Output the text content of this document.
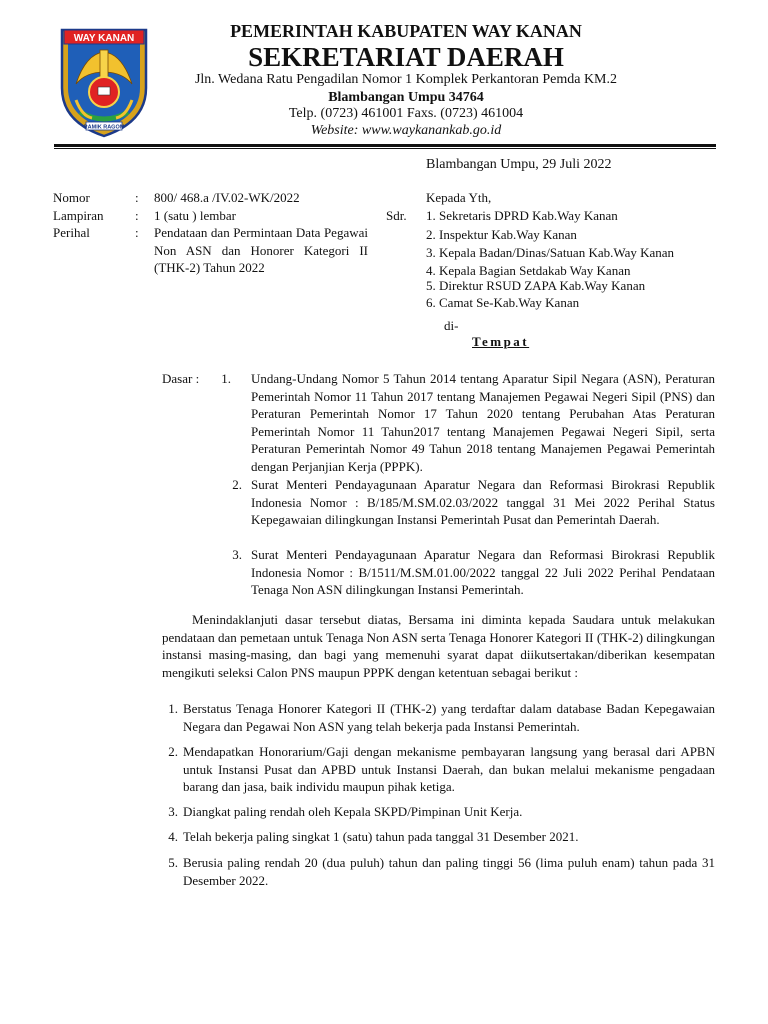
WAY KANAN
RAMIK RAGOM
PEMERINTAH KABUPATEN WAY KANAN
SEKRETARIAT DAERAH
Jln. Wedana Ratu Pengadilan Nomor 1 Komplek Perkantoran Pemda KM.2
Blambangan Umpu 34764
Telp. (0723) 461001 Faxs. (0723) 461004
Website: www.waykanankab.go.id
Blambangan Umpu, 29 Juli 2022
Nomor	: 800/ 468.a /IV.02-WK/2022
Lampiran : 1 (satu ) lembar
Perihal	: Pendataan dan Permintaan Data Pegawai Non ASN dan Honorer Kategori II (THK-2) Tahun 2022
Kepada Yth,
Sdr. 1. Sekretaris DPRD Kab.Way Kanan
2. Inspektur Kab.Way Kanan
3. Kepala Badan/Dinas/Satuan Kab.Way Kanan
4. Kepala Bagian Setdakab Way Kanan
5. Direktur RSUD ZAPA Kab.Way Kanan
6. Camat Se-Kab.Way Kanan
di-
Tempat
Dasar :	1. Undang-Undang Nomor 5 Tahun 2014 tentang Aparatur Sipil Negara (ASN), Peraturan Pemerintah Nomor 11 Tahun 2017 tentang Manajemen Pegawai Negeri Sipil (PNS) dan Peraturan Pemerintah Nomor 17 Tahun 2020 tentang Perubahan Atas Peraturan Pemerintah Nomor 11 Tahun2017 tentang Manajemen Pegawai Negeri Sipil, serta Peraturan Pemerintah Nomor 49 Tahun 2018 tentang Manajemen Pegawai Pemerintah dengan Perjanjian Kerja (PPPK).
2. Surat Menteri Pendayagunaan Aparatur Negara dan Reformasi Birokrasi Republik Indonesia Nomor : B/185/M.SM.02.03/2022 tanggal 31 Mei 2022 Perihal Status Kepegawaian dilingkungan Instansi Pemerintah Pusat dan Pemerintah Daerah.
3. Surat Menteri Pendayagunaan Aparatur Negara dan Reformasi Birokrasi Republik Indonesia Nomor : B/1511/M.SM.01.00/2022 tanggal 22 Juli 2022 Perihal Pendataan Tenaga Non ASN dilingkungan Instansi Pemerintah.
Menindaklanjuti dasar tersebut diatas, Bersama ini diminta kepada Saudara untuk melakukan pendataan dan pemetaan untuk Tenaga Non ASN serta Tenaga Honorer Kategori II (THK-2) dilingkungan instansi masing-masing, dan bagi yang memenuhi syarat dapat diikutsertakan/diberikan kesempatan mengikuti seleksi Calon PNS maupun PPPK dengan ketentuan sebagai berikut :
1. Berstatus Tenaga Honorer Kategori II (THK-2) yang terdaftar dalam database Badan Kepegawaian Negara dan Pegawai Non ASN yang telah bekerja pada Instansi Pemerintah.
2. Mendapatkan Honorarium/Gaji dengan mekanisme pembayaran langsung yang berasal dari APBN untuk Instansi Pusat dan APBD untuk Instansi Daerah, dan bukan melalui mekanisme pengadaan barang dan jasa, baik individu maupun pihak ketiga.
3. Diangkat paling rendah oleh Kepala SKPD/Pimpinan Unit Kerja.
4. Telah bekerja paling singkat 1 (satu) tahun pada tanggal 31 Desember 2021.
5. Berusia paling rendah 20 (dua puluh) tahun dan paling tinggi 56 (lima puluh enam) tahun pada 31 Desember 2022.
